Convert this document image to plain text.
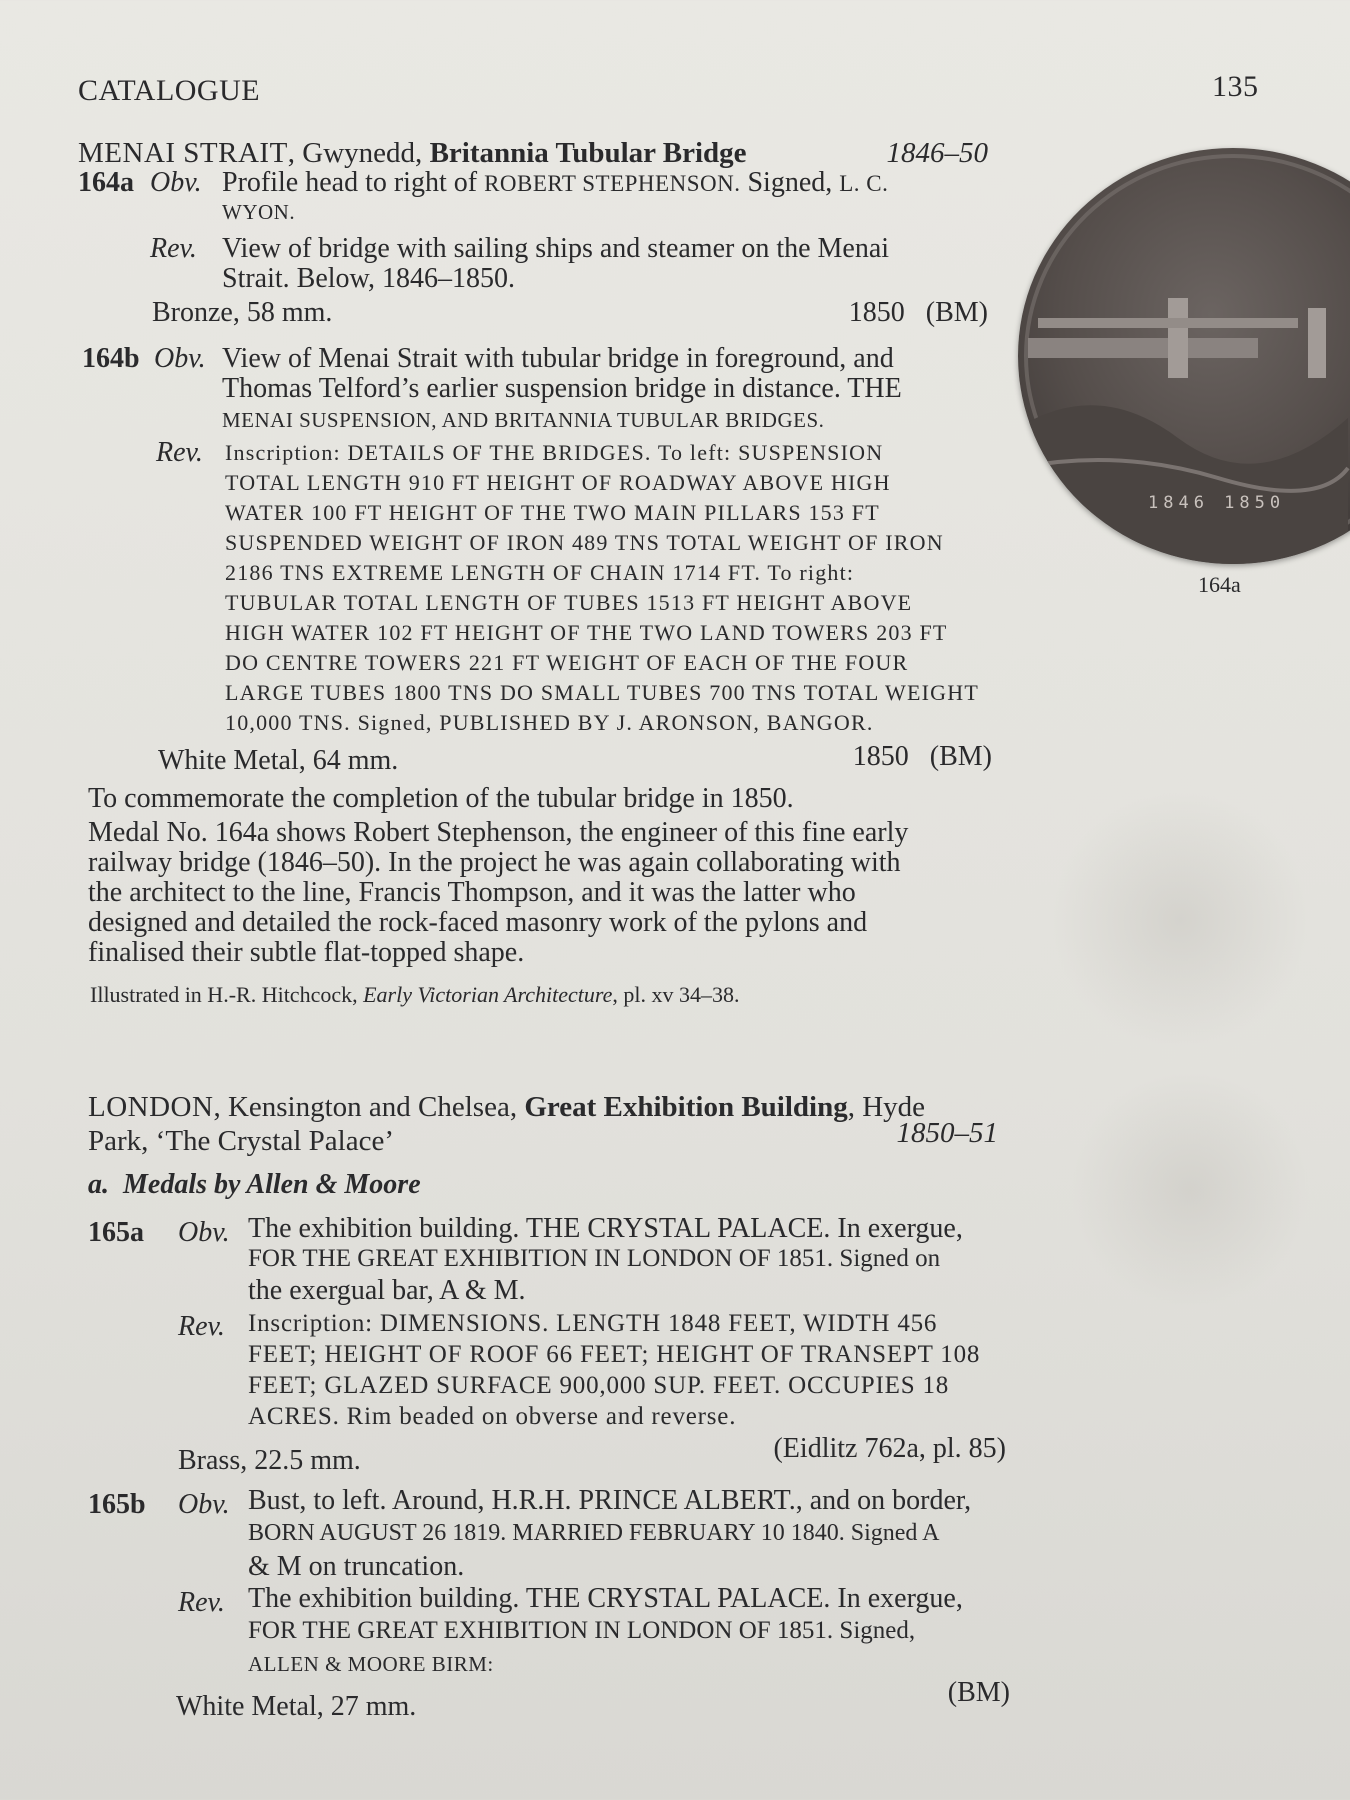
CATALOGUE	135
1846 1850
164a
MENAI STRAIT, Gwynedd, Britannia Tubular Bridge	1846–50
164a Obv. Profile head to right of ROBERT STEPHENSON. Signed, L. C.
WYON.
Rev. View of bridge with sailing ships and steamer on the Menai
Strait. Below, 1846–1850.
Bronze, 58 mm.	1850   (BM)
164b Obv. View of Menai Strait with tubular bridge in foreground, and
Thomas Telford’s earlier suspension bridge in distance. THE
MENAI SUSPENSION, AND BRITANNIA TUBULAR BRIDGES.
Rev. Inscription: DETAILS OF THE BRIDGES. To left: SUSPENSION
TOTAL LENGTH 910 FT HEIGHT OF ROADWAY ABOVE HIGH
WATER 100 FT HEIGHT OF THE TWO MAIN PILLARS 153 FT
SUSPENDED WEIGHT OF IRON 489 TNS TOTAL WEIGHT OF IRON
2186 TNS EXTREME LENGTH OF CHAIN 1714 FT. To right:
TUBULAR TOTAL LENGTH OF TUBES 1513 FT HEIGHT ABOVE
HIGH WATER 102 FT HEIGHT OF THE TWO LAND TOWERS 203 FT
DO CENTRE TOWERS 221 FT WEIGHT OF EACH OF THE FOUR
LARGE TUBES 1800 TNS DO SMALL TUBES 700 TNS TOTAL WEIGHT
10,000 TNS. Signed, PUBLISHED BY J. ARONSON, BANGOR.
White Metal, 64 mm.	1850   (BM)
To commemorate the completion of the tubular bridge in 1850.
Medal No. 164a shows Robert Stephenson, the engineer of this fine early
railway bridge (1846–50). In the project he was again collaborating with
the architect to the line, Francis Thompson, and it was the latter who
designed and detailed the rock-faced masonry work of the pylons and
finalised their subtle flat-topped shape.
Illustrated in H.-R. Hitchcock, Early Victorian Architecture, pl. xv 34–38.
LONDON, Kensington and Chelsea, Great Exhibition Building, Hyde
Park, ‘The Crystal Palace’	1850–51
a.  Medals by Allen & Moore
165a Obv. The exhibition building. THE CRYSTAL PALACE. In exergue,
FOR THE GREAT EXHIBITION IN LONDON OF 1851. Signed on
the exergual bar, A & M.
Rev. Inscription: DIMENSIONS. LENGTH 1848 FEET, WIDTH 456
FEET; HEIGHT OF ROOF 66 FEET; HEIGHT OF TRANSEPT 108
FEET; GLAZED SURFACE 900,000 SUP. FEET. OCCUPIES 18
ACRES. Rim beaded on obverse and reverse.
Brass, 22.5 mm.	(Eidlitz 762a, pl. 85)
165b Obv. Bust, to left. Around, H.R.H. PRINCE ALBERT., and on border,
BORN AUGUST 26 1819. MARRIED FEBRUARY 10 1840. Signed A
& M on truncation.
Rev. The exhibition building. THE CRYSTAL PALACE. In exergue,
FOR THE GREAT EXHIBITION IN LONDON OF 1851. Signed,
ALLEN & MOORE BIRM:
White Metal, 27 mm.	(BM)
